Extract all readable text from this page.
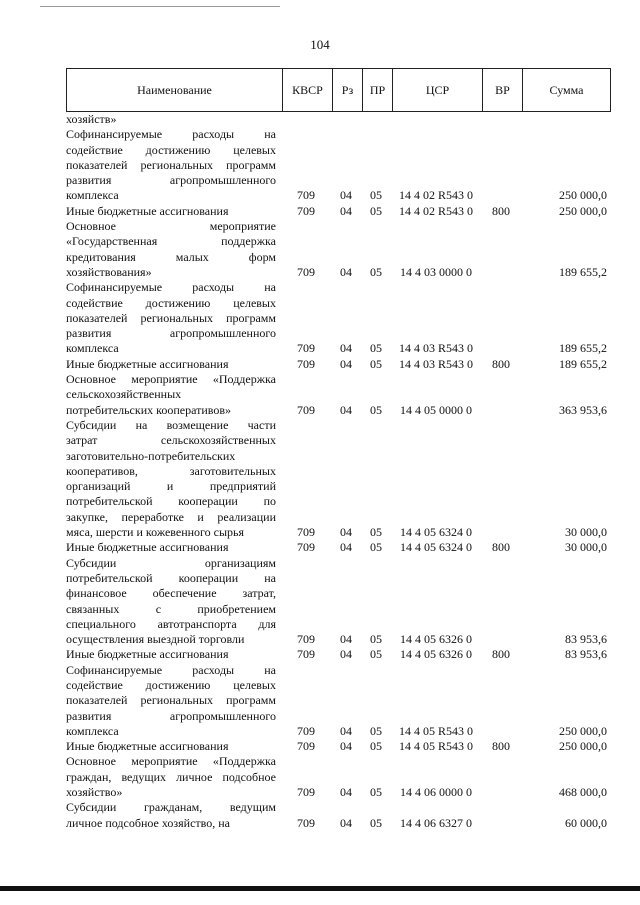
104
Наименование	КВСР	Рз	ПР	ЦСР	ВР	Сумма
хозяйств»
Софинансируемые расходы на
содействие достижению целевых
показателей региональных программ
развития агропромышленного
комплекса	709	04	05	14 4 02 R543 0	250 000,0
Иные бюджетные ассигнования	709	04	05	14 4 02 R543 0	800	250 000,0
Основное мероприятие
«Государственная поддержка
кредитования малых форм
хозяйствования»	709	04	05	14 4 03 0000 0	189 655,2
Софинансируемые расходы на
содействие достижению целевых
показателей региональных программ
развития агропромышленного
комплекса	709	04	05	14 4 03 R543 0	189 655,2
Иные бюджетные ассигнования	709	04	05	14 4 03 R543 0	800	189 655,2
Основное мероприятие «Поддержка
сельскохозяйственных
потребительских кооперативов»	709	04	05	14 4 05 0000 0	363 953,6
Субсидии на возмещение части
затрат сельскохозяйственных
заготовительно-потребительских
кооперативов, заготовительных
организаций и предприятий
потребительской кооперации по
закупке, переработке и реализации
мяса, шерсти и кожевенного сырья	709	04	05	14 4 05 6324 0	30 000,0
Иные бюджетные ассигнования	709	04	05	14 4 05 6324 0	800	30 000,0
Субсидии организациям
потребительской кооперации на
финансовое обеспечение затрат,
связанных с приобретением
специального автотранспорта для
осуществления выездной торговли	709	04	05	14 4 05 6326 0	83 953,6
Иные бюджетные ассигнования	709	04	05	14 4 05 6326 0	800	83 953,6
Софинансируемые расходы на
содействие достижению целевых
показателей региональных программ
развития агропромышленного
комплекса	709	04	05	14 4 05 R543 0	250 000,0
Иные бюджетные ассигнования	709	04	05	14 4 05 R543 0	800	250 000,0
Основное мероприятие «Поддержка
граждан, ведущих личное подсобное
хозяйство»	709	04	05	14 4 06 0000 0	468 000,0
Субсидии гражданам, ведущим
личное подсобное хозяйство, на	709	04	05	14 4 06 6327 0	60 000,0
